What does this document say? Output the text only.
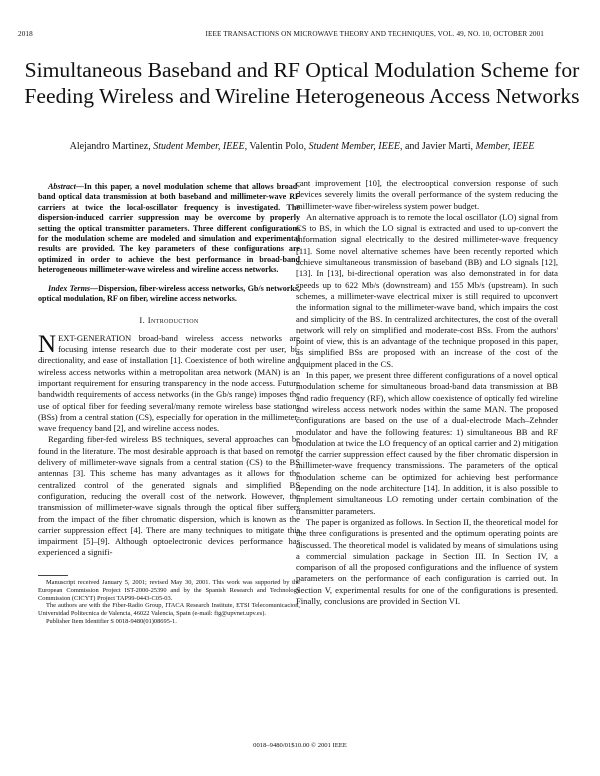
2018	IEEE TRANSACTIONS ON MICROWAVE THEORY AND TECHNIQUES, VOL. 49, NO. 10, OCTOBER 2001
Simultaneous Baseband and RF Optical Modulation Scheme for Feeding Wireless and Wireline Heterogeneous Access Networks

Alejandro Martinez, Student Member, IEEE, Valentin Polo, Student Member, IEEE, and Javier Marti, Member, IEEE

Abstract—In this paper, a novel modulation scheme that allows broad-band optical data transmission at both baseband and millimeter-wave RF carriers at twice the local-oscillator frequency is investigated. The dispersion-induced carrier suppression may be overcome by properly setting the optical transmitter parameters. Three different configurations for the modulation scheme are modeled and simulation and experimental results are provided. The key parameters of these configurations are optimized in order to achieve the best performance in broad-band heterogeneous millimeter-wave wireless and wireline access networks.

Index Terms—Dispersion, fiber-wireless access networks, Gb/s networks, optical modulation, RF on fiber, wireline access networks.

I. Introduction

NEXT-GENERATION broad-band wireless access networks are focusing intense research due to their moderate cost per user, bi-directionality, and ease of installation [1]. Coexistence of both wireline and wireless access networks within a metropolitan area network (MAN) is an important requirement for ensuring transparency in the node access. Future bandwidth requirements of access networks (in the Gb/s range) imposes the use of optical fiber for feeding several/many remote wireless base stations (BSs) from a central station (CS), especially for operation in the millimeter-wave frequency band [2], and wireline access nodes.

Regarding fiber-fed wireless BS techniques, several approaches can be found in the literature. The most desirable approach is that based on remote delivery of millimeter-wave signals from a central station (CS) to the BS antennas [3]. This scheme has many advantages as it allows for the centralized control of the generated signals and simplified BS configuration, reducing the overall cost of the network. However, the transmission of millimeter-wave signals through the optical fiber suffers from the impact of the fiber chromatic dispersion, which is known as the carrier suppression effect [4]. There are many techniques to mitigate this impairment [5]–[9]. Although optoelectronic devices performance has experienced a signifi-

Manuscript received January 5, 2001; revised May 30, 2001. This work was supported by the European Commission Project IST-2000-25390 and by the Spanish Research and Technology Commission (CICYT) Project TAP99-0443-C05-03.

The authors are with the Fiber-Radio Group, ITACA Research Institute, ETSI Telecomunicacion, Universidad Politecnica de Valencia, 46022 Valencia, Spain (e-mail: fig@upvnet.upv.es).

Publisher Item Identifier S 0018-9480(01)08695-1.

cant improvement [10], the electrooptical conversion response of such devices severely limits the overall performance of the system reducing the millimeter-wave fiber-wireless system power budget.

An alternative approach is to remote the local oscillator (LO) signal from CS to BS, in which the LO signal is extracted and used to up-convert the information signal electrically to the desired millimeter-wave frequency [11]. Some novel alternative schemes have been recently reported which achieve simultaneous transmission of baseband (BB) and LO signals [12], [13]. In [13], bi-directional operation was also demonstrated in for data speeds up to 622 Mb/s (downstream) and 155 Mb/s (upstream). In such schemes, a millimeter-wave electrical mixer is still required to upconvert the information signal to the millimeter-wave band, which impairs the cost and simplicity of the BS. In centralized architectures, the cost of the overall network will rely on simplified and moderate-cost BSs. From the authors' point of view, this is an advantage of the technique proposed in this paper, as simplified BSs are proposed with an increase of the cost of the equipment placed in the CS.

In this paper, we present three different configurations of a novel optical modulation scheme for simultaneous broad-band data transmission at BB and radio frequency (RF), which allow coexistence of optically fed wireline and wireless access network nodes within the same MAN. The proposed configurations are based on the use of a dual-electrode Mach–Zehnder modulator and have the following features: 1) simultaneous BB and RF modulation at twice the LO frequency of an optical carrier and 2) mitigation of the carrier suppression effect caused by the fiber chromatic dispersion in millimeter-wave frequency transmissions. The parameters of the optical modulation scheme can be optimized for achieving best performance depending on the node architecture [14]. In addition, it is also possible to implement simultaneous LO remoting under certain combination of the transmitter parameters.

The paper is organized as follows. In Section II, the theoretical model for the three configurations is presented and the optimum operating points are discussed. The theoretical model is validated by means of simulations using a commercial simulation package in Section III. In Section IV, a comparison of all the proposed configurations and the influence of system parameters on the performance of each configuration is carried out. In Section V, experimental results for one of the configurations is presented. Finally, conclusions are provided in Section VI.

0018–9480/01$10.00 © 2001 IEEE
